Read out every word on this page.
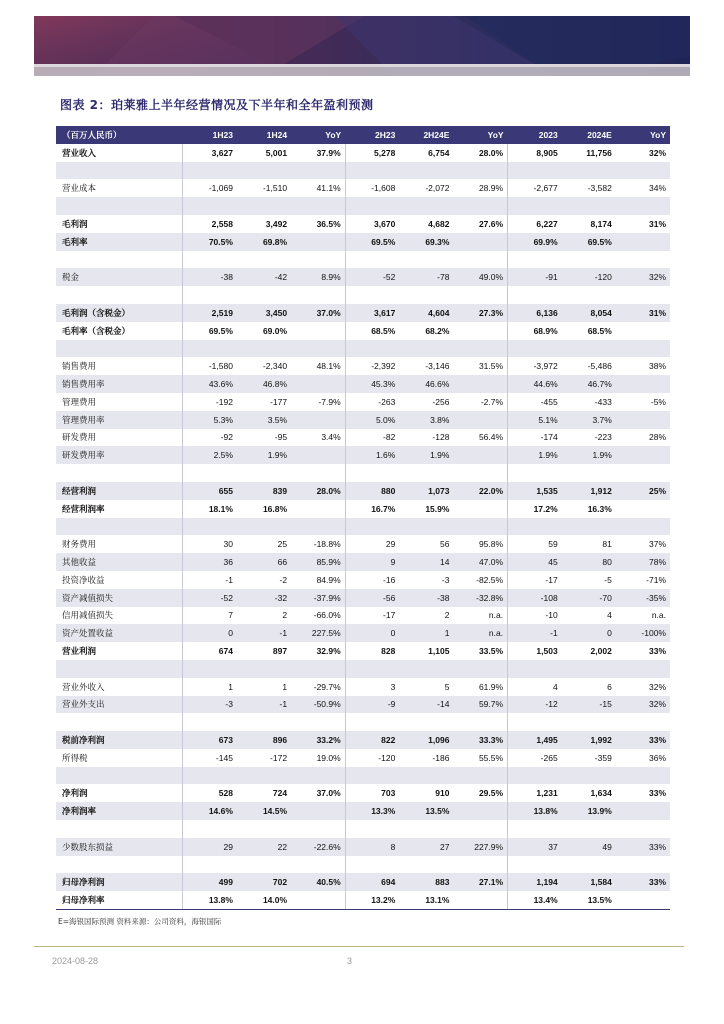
图表 2：珀莱雅上半年经营情况及下半年和全年盈利预测
（百万人民币）	1H23	1H24	YoY	2H23	2H24E	YoY	2023	2024E	YoY
营业收入	3,627	5,001	37.9%	5,278	6,754	28.0%	8,905	11,756	32%

营业成本	-1,069	-1,510	41.1%	-1,608	-2,072	28.9%	-2,677	-3,582	34%

毛利润	2,558	3,492	36.5%	3,670	4,682	27.6%	6,227	8,174	31%
毛利率	70.5%	69.8%		69.5%	69.3%		69.9%	69.5%	

税金	-38	-42	8.9%	-52	-78	49.0%	-91	-120	32%

毛利润（含税金）	2,519	3,450	37.0%	3,617	4,604	27.3%	6,136	8,054	31%
毛利率（含税金）	69.5%	69.0%		68.5%	68.2%		68.9%	68.5%	

销售费用	-1,580	-2,340	48.1%	-2,392	-3,146	31.5%	-3,972	-5,486	38%
销售费用率	43.6%	46.8%		45.3%	46.6%		44.6%	46.7%	
管理费用	-192	-177	-7.9%	-263	-256	-2.7%	-455	-433	-5%
管理费用率	5.3%	3.5%		5.0%	3.8%		5.1%	3.7%	
研发费用	-92	-95	3.4%	-82	-128	56.4%	-174	-223	28%
研发费用率	2.5%	1.9%		1.6%	1.9%		1.9%	1.9%	

经营利润	655	839	28.0%	880	1,073	22.0%	1,535	1,912	25%
经营利润率	18.1%	16.8%		16.7%	15.9%		17.2%	16.3%	

财务费用	30	25	-18.8%	29	56	95.8%	59	81	37%
其他收益	36	66	85.9%	9	14	47.0%	45	80	78%
投资净收益	-1	-2	84.9%	-16	-3	-82.5%	-17	-5	-71%
资产减值损失	-52	-32	-37.9%	-56	-38	-32.8%	-108	-70	-35%
信用减值损失	7	2	-66.0%	-17	2	n.a.	-10	4	n.a.
资产处置收益	0	-1	227.5%	0	1	n.a.	-1	0	-100%
营业利润	674	897	32.9%	828	1,105	33.5%	1,503	2,002	33%

营业外收入	1	1	-29.7%	3	5	61.9%	4	6	32%
营业外支出	-3	-1	-50.9%	-9	-14	59.7%	-12	-15	32%

税前净利润	673	896	33.2%	822	1,096	33.3%	1,495	1,992	33%
所得税	-145	-172	19.0%	-120	-186	55.5%	-265	-359	36%

净利润	528	724	37.0%	703	910	29.5%	1,231	1,634	33%
净利润率	14.6%	14.5%		13.3%	13.5%		13.8%	13.9%	

少数股东损益	29	22	-22.6%	8	27	227.9%	37	49	33%

归母净利润	499	702	40.5%	694	883	27.1%	1,194	1,584	33%
归母净利率	13.8%	14.0%		13.2%	13.1%		13.4%	13.5%	
E=海银国际预测 资料来源：公司资料，海银国际
2024-08-28	3
